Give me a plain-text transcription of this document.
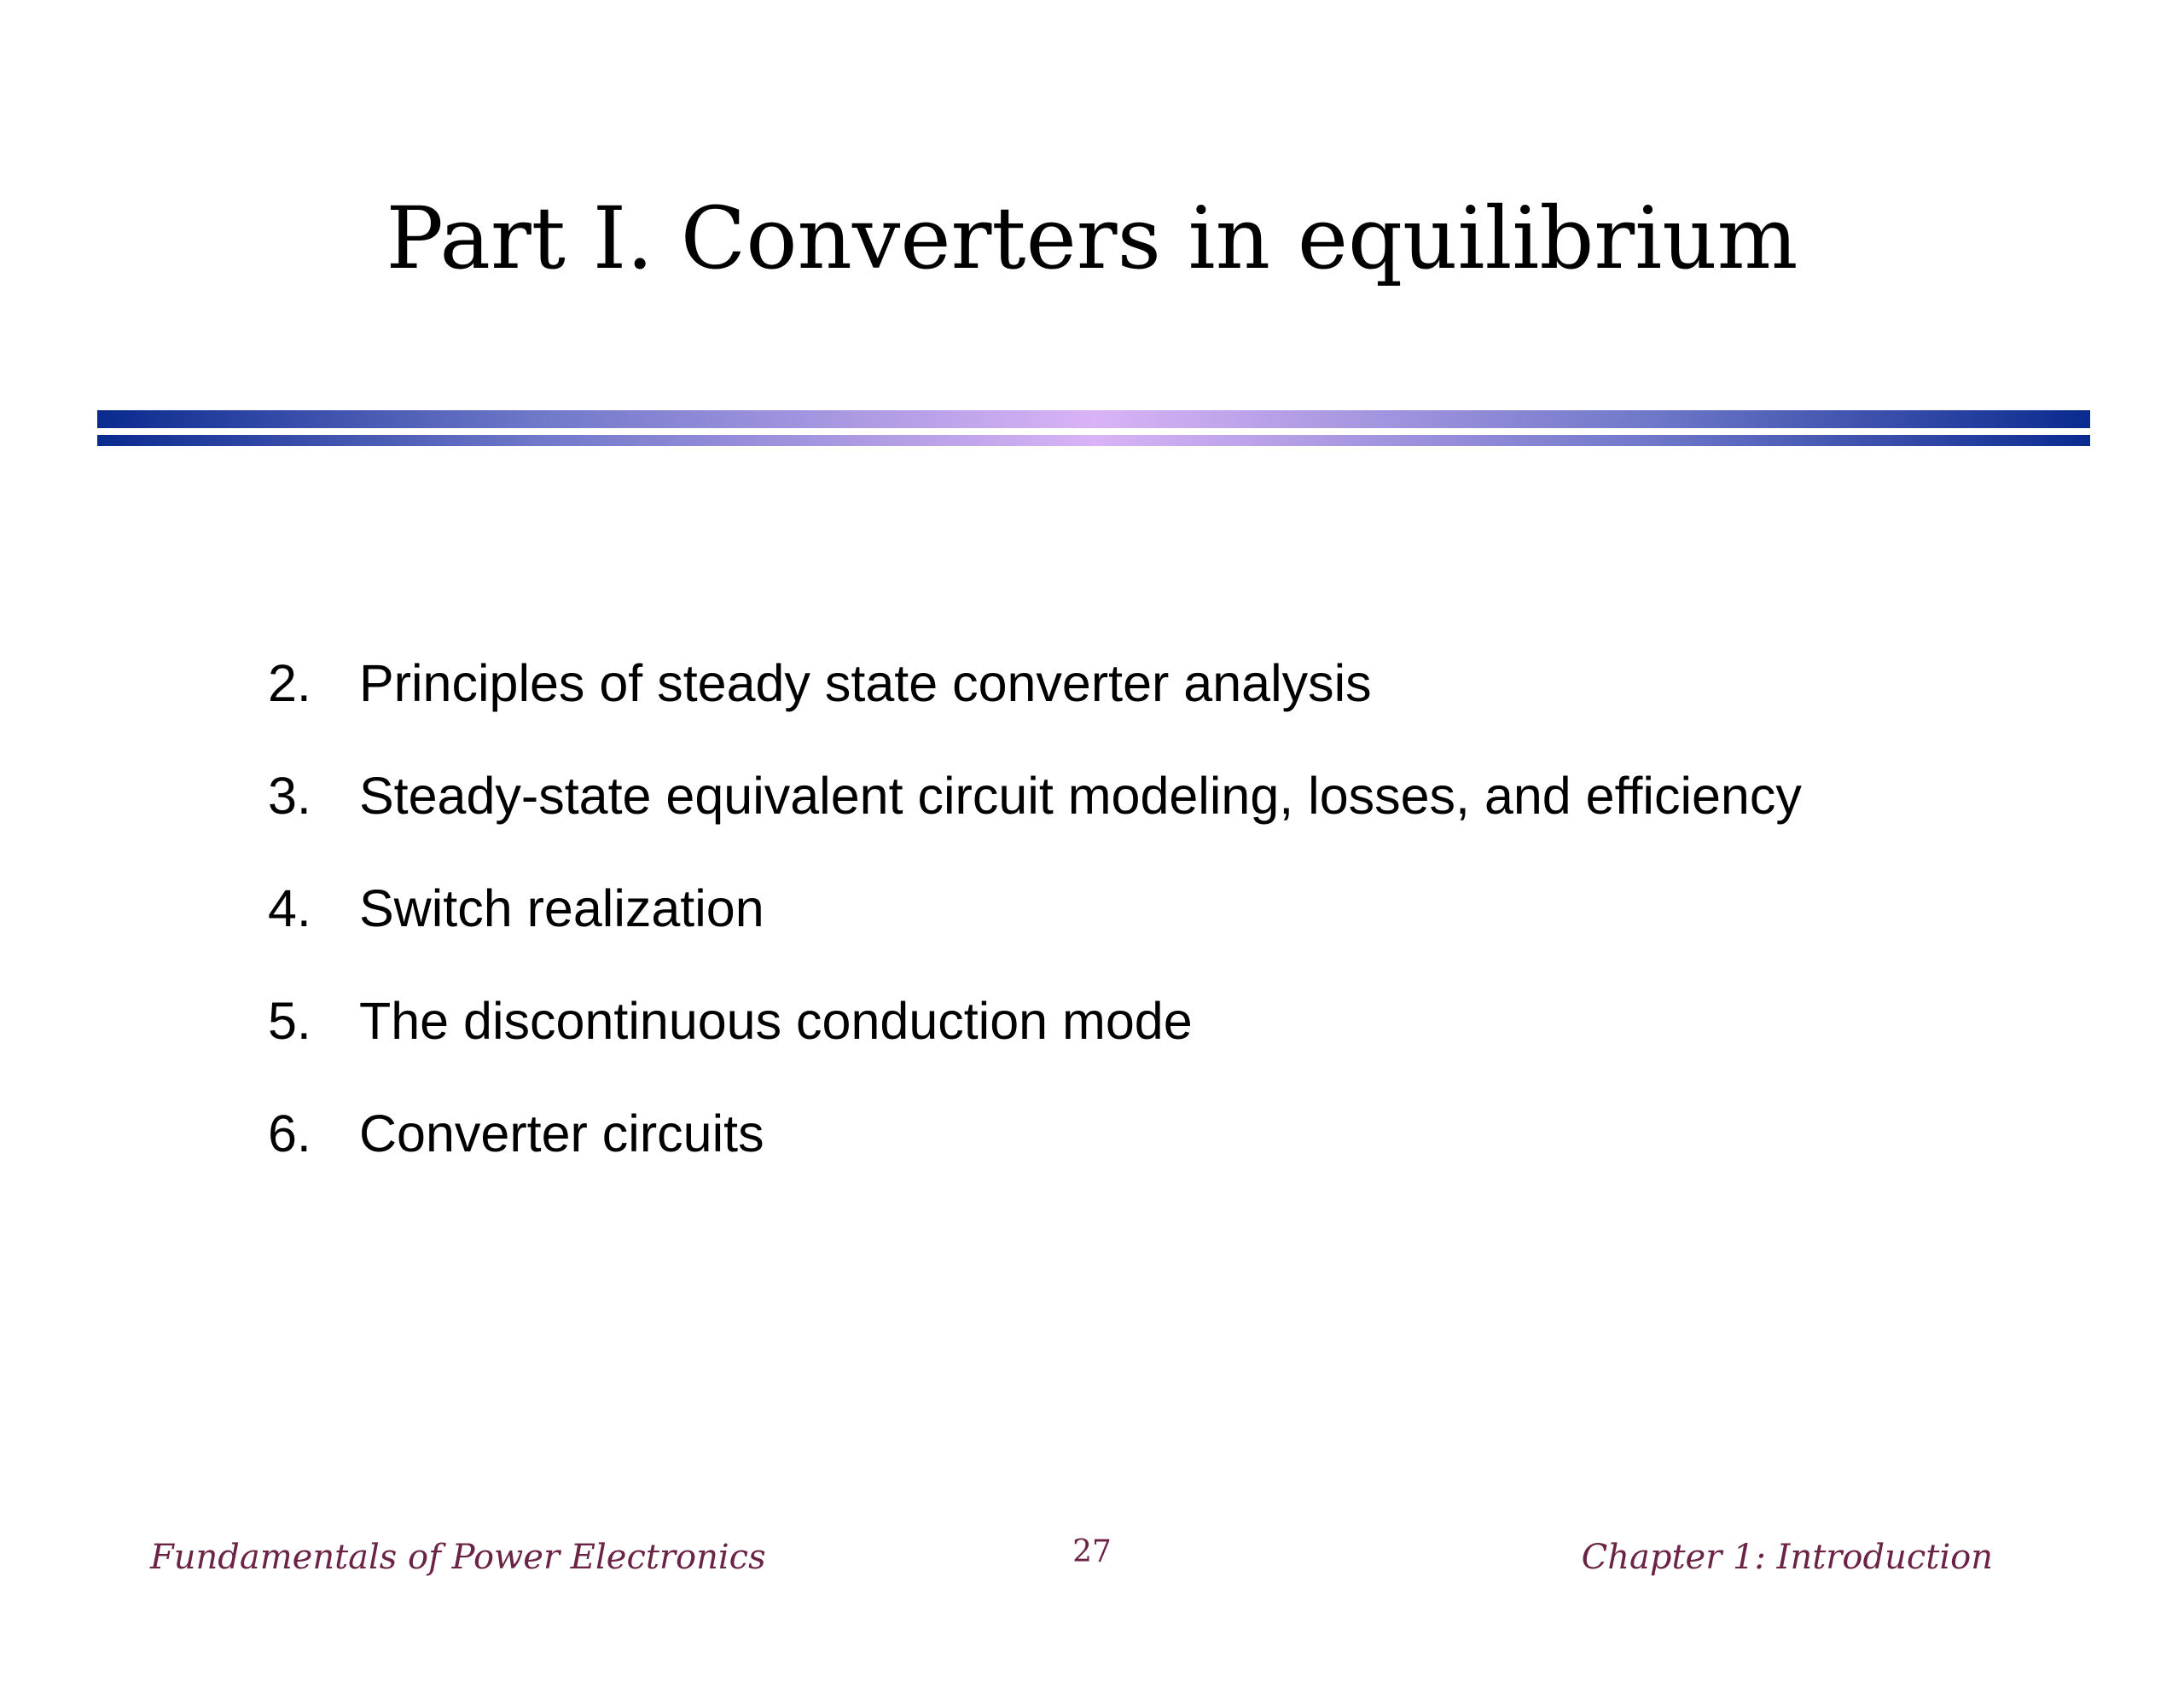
Part I. Converters in equilibrium
2. Principles of steady state converter analysis
3. Steady-state equivalent circuit modeling, losses, and efficiency
4. Switch realization
5. The discontinuous conduction mode
6. Converter circuits
Fundamentals of Power Electronics	27	Chapter 1: Introduction
